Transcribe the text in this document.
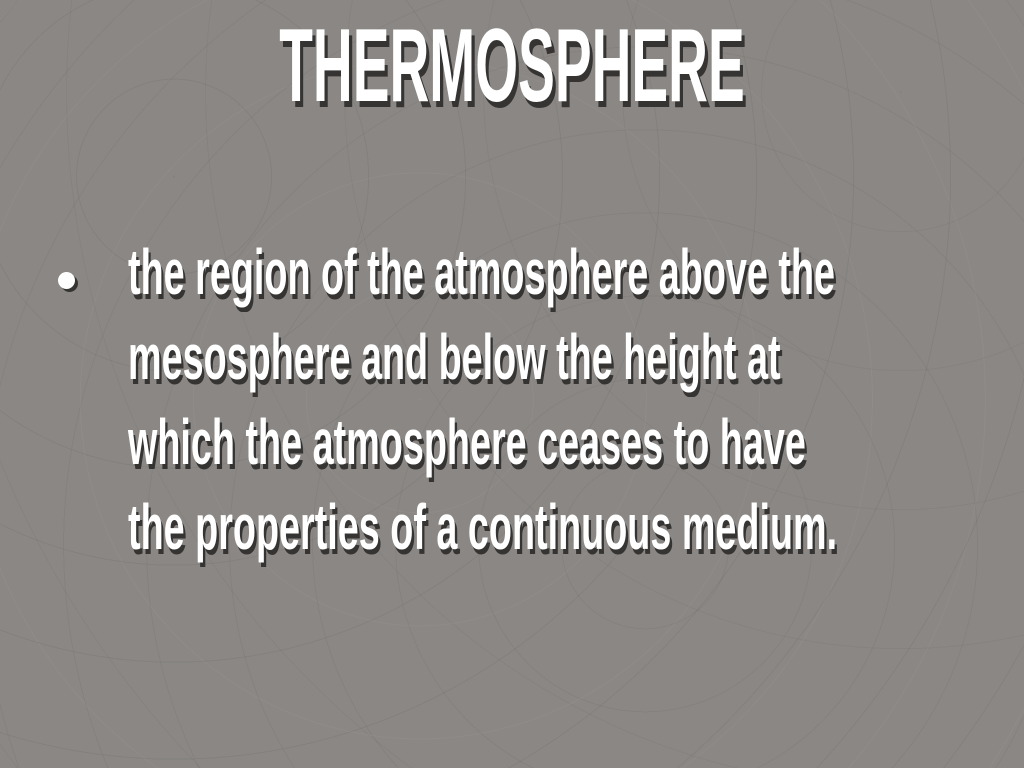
THERMOSPHERE
the region of the atmosphere above the
mesosphere and below the height at
which the atmosphere ceases to have
the properties of a continuous medium.
